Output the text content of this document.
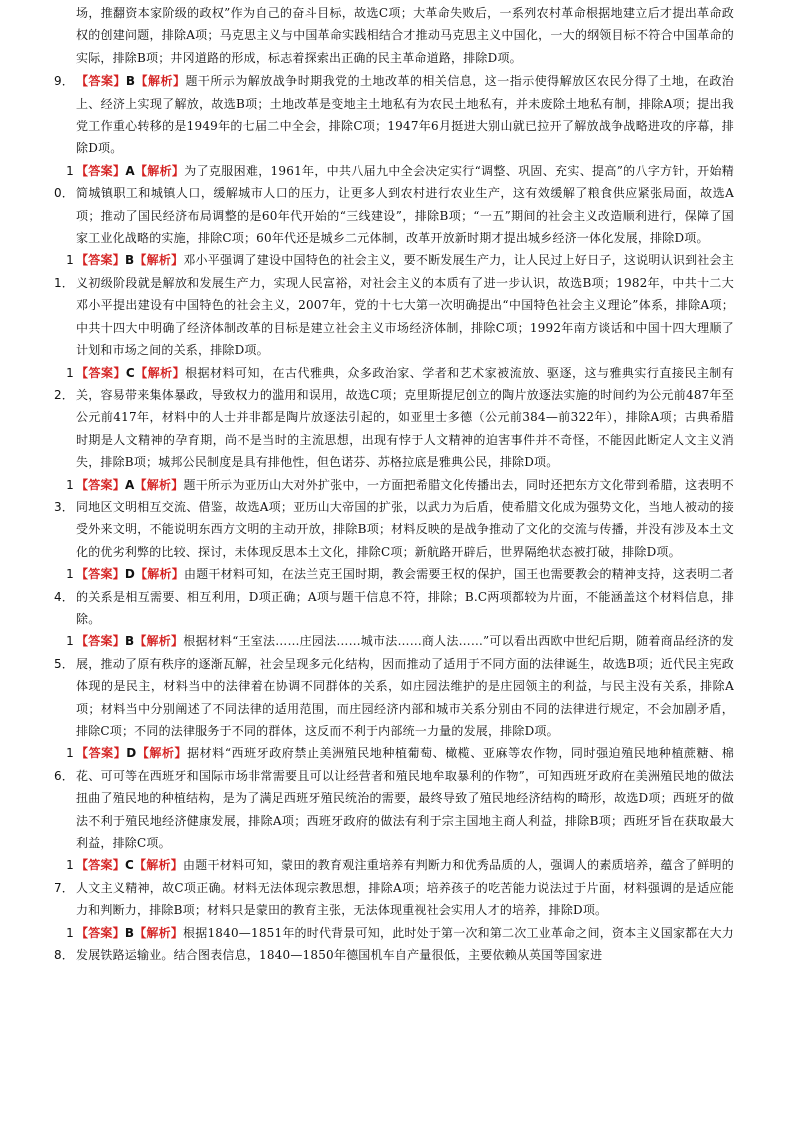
场，推翻资本家阶级的政权”作为自己的奋斗目标，故选C项；大革命失败后，一系列农村革命根据地建立后才提出革命政权的创建问题，排除A项；马克思主义与中国革命实践相结合才推动马克思主义中国化，一大的纲领目标不符合中国革命的实际，排除B项；井冈道路的形成，标志着探索出正确的民主革命道路，排除D项。

9． 【答案】B【解析】题干所示为解放战争时期我党的土地改革的相关信息，这一指示使得解放区农民分得了土地，在政治上、经济上实现了解放，故选B项；土地改革是变地主土地私有为农民土地私有，并未废除土地私有制，排除A项；提出我党工作重心转移的是1949年的七届二中全会，排除C项；1947年6月挺进大别山就已拉开了解放战争战略进攻的序幕，排除D项。

10．
【答案】A【解析】为了克服困难，1961年，中共八届九中全会决定实行“调整、巩固、充实、提高”的八字方针，开始精简城镇职工和城镇人口，缓解城市人口的压力，让更多人到农村进行农业生产，这有效缓解了粮食供应紧张局面，故选A项；推动了国民经济布局调整的是60年代开始的“三线建设”，排除B项；“一五”期间的社会主义改造顺利进行，保障了国家工业化战略的实施，排除C项；60年代还是城乡二元体制，改革开放新时期才提出城乡经济一体化发展，排除D项。

11．
【答案】B【解析】邓小平强调了建设中国特色的社会主义，要不断发展生产力，让人民过上好日子，这说明认识到社会主义初级阶段就是解放和发展生产力，实现人民富裕，对社会主义的本质有了进一步认识，故选B项；1982年，中共十二大邓小平提出建设有中国特色的社会主义，2007年，党的十七大第一次明确提出“中国特色社会主义理论”体系，排除A项；中共十四大中明确了经济体制改革的目标是建立社会主义市场经济体制，排除C项；1992年南方谈话和中国十四大理顺了计划和市场之间的关系，排除D项。

12．
【答案】C【解析】根据材料可知，在古代雅典，众多政治家、学者和艺术家被流放、驱逐，这与雅典实行直接民主制有关，容易带来集体暴政，导致权力的滥用和误用，故选C项；克里斯提尼创立的陶片放逐法实施的时间约为公元前487年至公元前417年，材料中的人士并非都是陶片放逐法引起的，如亚里士多德（公元前384—前322年），排除A项；古典希腊时期是人文精神的孕育期，尚不是当时的主流思想，出现有悖于人文精神的迫害事件并不奇怪，不能因此断定人文主义消失，排除B项；城邦公民制度是具有排他性，但色诺芬、苏格拉底是雅典公民，排除D项。

13．
【答案】A【解析】题干所示为亚历山大对外扩张中，一方面把希腊文化传播出去，同时还把东方文化带到希腊，这表明不同地区文明相互交流、借鉴，故选A项；亚历山大帝国的扩张，以武力为后盾，使希腊文化成为强势文化，当地人被动的接受外来文明，不能说明东西方文明的主动开放，排除B项；材料反映的是战争推动了文化的交流与传播，并没有涉及本土文化的优劣利弊的比较、探讨，未体现反思本土文化，排除C项；新航路开辟后，世界隔绝状态被打破，排除D项。

14．
【答案】D【解析】由题干材料可知，在法兰克王国时期，教会需要王权的保护，国王也需要教会的精神支持，这表明二者的关系是相互需要、相互利用，D项正确；A项与题干信息不符，排除；B.C两项都较为片面，不能涵盖这个材料信息，排除。

15．
【答案】B【解析】根据材料“王室法……庄园法……城市法……商人法……”可以看出西欧中世纪后期，随着商品经济的发展，推动了原有秩序的逐渐瓦解，社会呈现多元化结构，因而推动了适用于不同方面的法律诞生，故选B项；近代民主宪政体现的是民主，材料当中的法律着在协调不同群体的关系，如庄园法维护的是庄园领主的利益，与民主没有关系，排除A项；材料当中分别阐述了不同法律的适用范围，而庄园经济内部和城市关系分别由不同的法律进行规定，不会加剧矛盾，排除C项；不同的法律服务于不同的群体，这反而不利于内部统一力量的发展，排除D项。

16．
【答案】D【解析】据材料“西班牙政府禁止美洲殖民地种植葡萄、橄榄、亚麻等农作物，同时强迫殖民地种植蔗糖、棉花、可可等在西班牙和国际市场非常需要且可以让经营者和殖民地牟取暴利的作物”，可知西班牙政府在美洲殖民地的做法扭曲了殖民地的种植结构，是为了满足西班牙殖民统治的需要，最终导致了殖民地经济结构的畸形，故选D项；西班牙的做法不利于殖民地经济健康发展，排除A项；西班牙政府的做法有利于宗主国地主商人利益，排除B项；西班牙旨在获取最大利益，排除C项。

17．
【答案】C【解析】由题干材料可知，蒙田的教育观注重培养有判断力和优秀品质的人，强调人的素质培养，蕴含了鲜明的人文主义精神，故C项正确。材料无法体现宗教思想，排除A项；培养孩子的吃苦能力说法过于片面，材料强调的是适应能力和判断力，排除B项；材料只是蒙田的教育主张，无法体现重视社会实用人才的培养，排除D项。

18．
【答案】B【解析】根据1840—1851年的时代背景可知，此时处于第一次和第二次工业革命之间，资本主义国家都在大力发展铁路运输业。结合图表信息，1840—1850年德国机车自产量很低，主要依赖从英国等国家进
